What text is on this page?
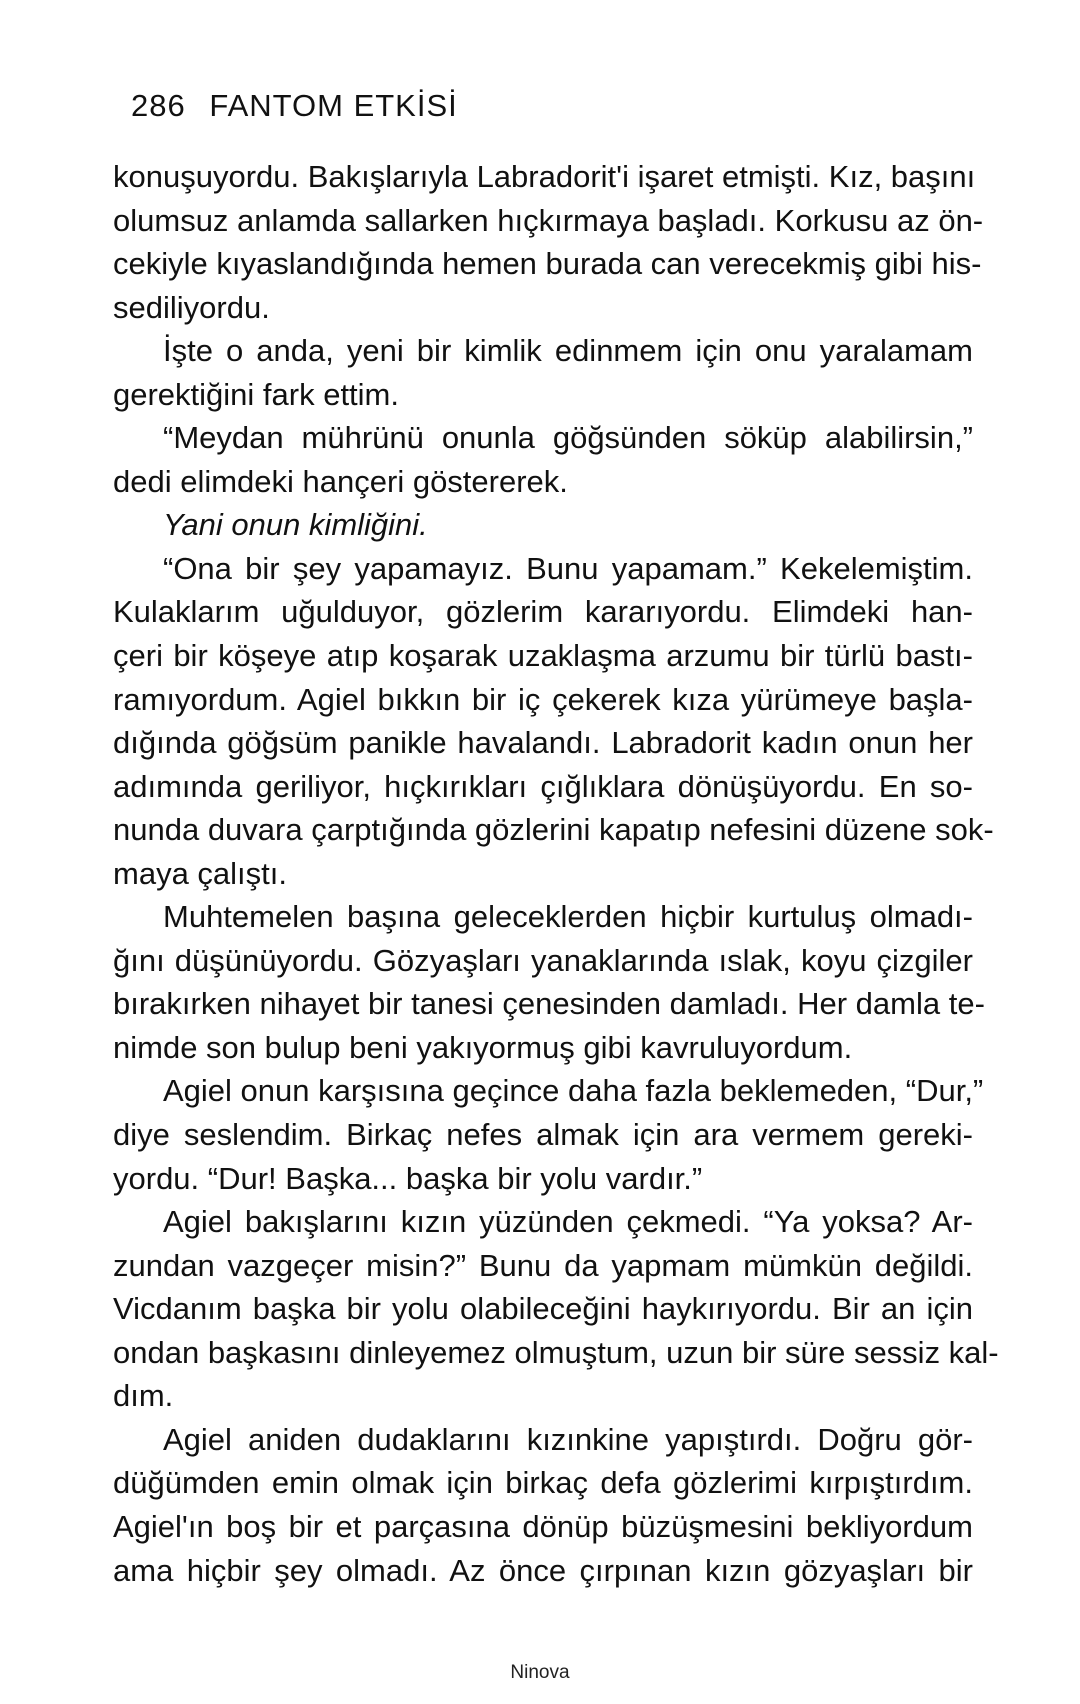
286 FANTOM ETKİSİ
konuşuyordu. Bakışlarıyla Labradorit'i işaret etmişti. Kız, başını
olumsuz anlamda sallarken hıçkırmaya başladı. Korkusu az ön-
cekiyle kıyaslandığında hemen burada can verecekmiş gibi his-
sediliyordu.
İşte o anda, yeni bir kimlik edinmem için onu yaralamam
gerektiğini fark ettim.
“Meydan mührünü onunla göğsünden söküp alabilirsin,”
dedi elimdeki hançeri göstererek.
Yani onun kimliğini.
“Ona bir şey yapamayız. Bunu yapamam.” Kekelemiştim.
Kulaklarım uğulduyor, gözlerim kararıyordu. Elimdeki han-
çeri bir köşeye atıp koşarak uzaklaşma arzumu bir türlü bastı-
ramıyordum. Agiel bıkkın bir iç çekerek kıza yürümeye başla-
dığında göğsüm panikle havalandı. Labradorit kadın onun her
adımında geriliyor, hıçkırıkları çığlıklara dönüşüyordu. En so-
nunda duvara çarptığında gözlerini kapatıp nefesini düzene sok-
maya çalıştı.
Muhtemelen başına geleceklerden hiçbir kurtuluş olmadı-
ğını düşünüyordu. Gözyaşları yanaklarında ıslak, koyu çizgiler
bırakırken nihayet bir tanesi çenesinden damladı. Her damla te-
nimde son bulup beni yakıyormuş gibi kavruluyordum.
Agiel onun karşısına geçince daha fazla beklemeden, “Dur,”
diye seslendim. Birkaç nefes almak için ara vermem gereki-
yordu. “Dur! Başka... başka bir yolu vardır.”
Agiel bakışlarını kızın yüzünden çekmedi. “Ya yoksa? Ar-
zundan vazgeçer misin?” Bunu da yapmam mümkün değildi.
Vicdanım başka bir yolu olabileceğini haykırıyordu. Bir an için
ondan başkasını dinleyemez olmuştum, uzun bir süre sessiz kal-
dım.
Agiel aniden dudaklarını kızınkine yapıştırdı. Doğru gör-
düğümden emin olmak için birkaç defa gözlerimi kırpıştırdım.
Agiel'ın boş bir et parçasına dönüp büzüşmesini bekliyordum
ama hiçbir şey olmadı. Az önce çırpınan kızın gözyaşları bir
Ninova
